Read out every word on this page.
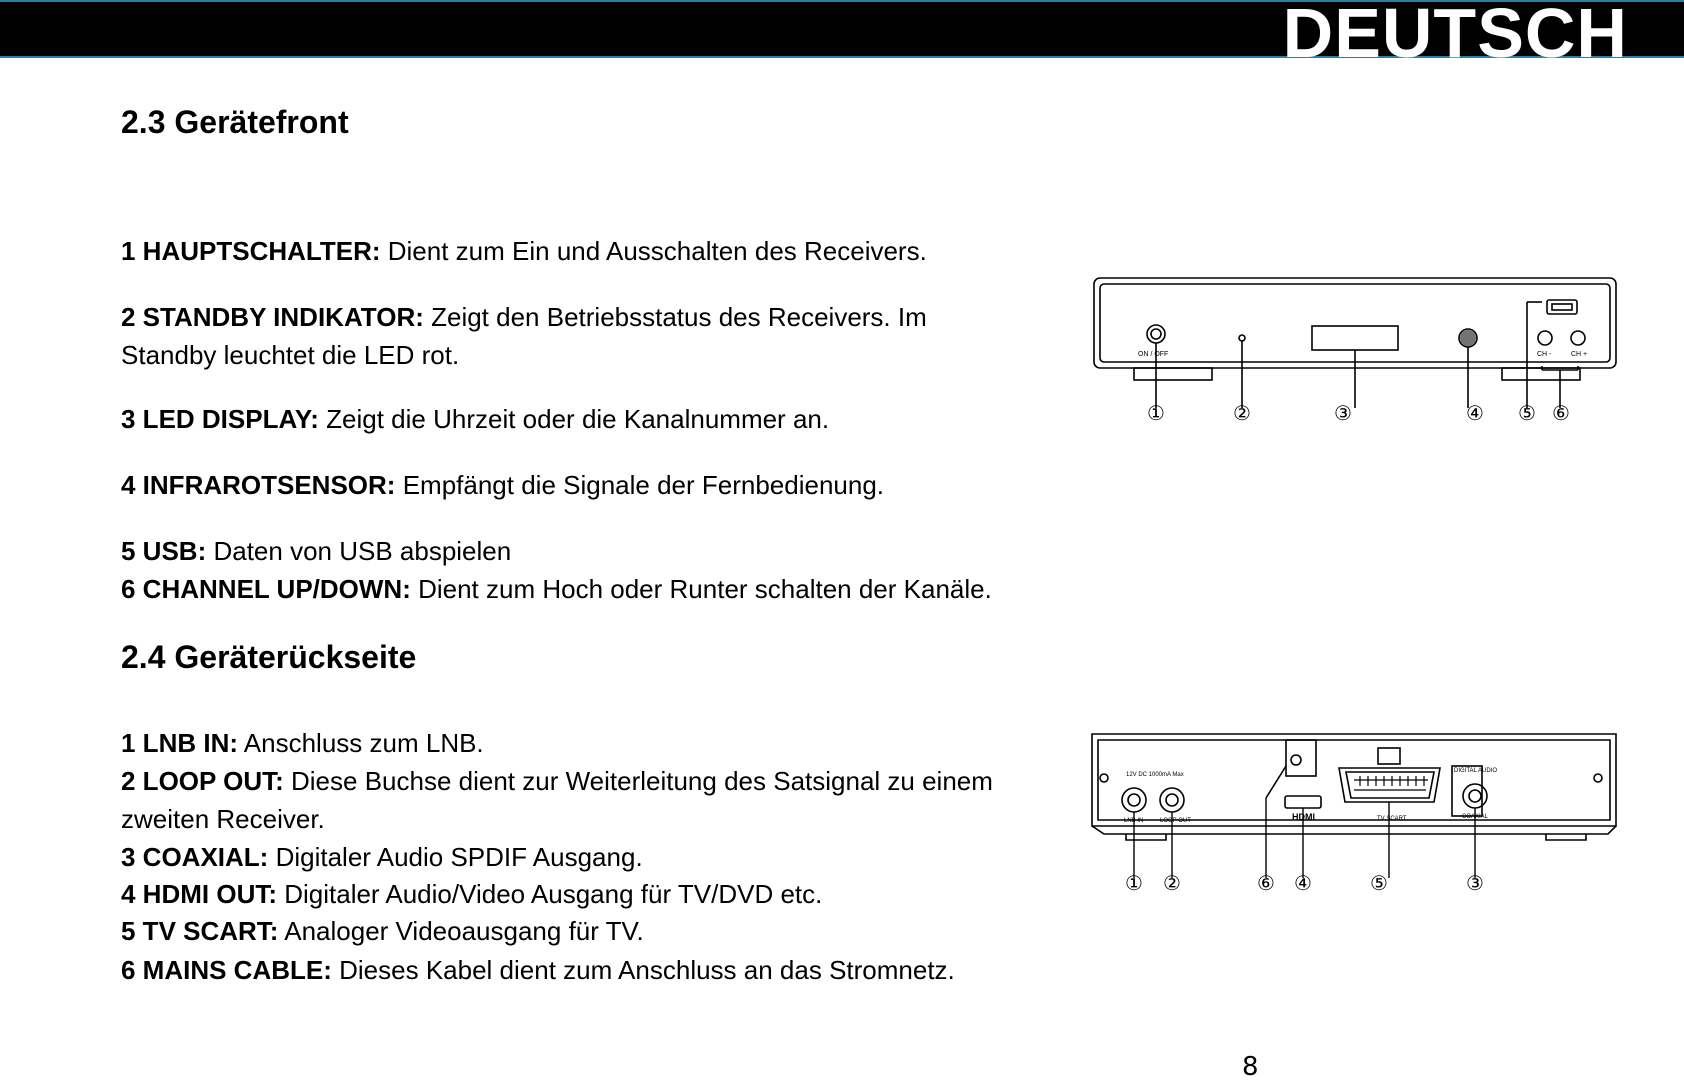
DEUTSCH
2.3 Gerätefront
1 HAUPTSCHALTER: Dient zum Ein und Ausschalten des Receivers.
2 STANDBY INDIKATOR: Zeigt den Betriebsstatus des Receivers. Im Standby leuchtet die LED rot.
3 LED DISPLAY: Zeigt die Uhrzeit oder die Kanalnummer an.
4 INFRAROTSENSOR: Empfängt die Signale der Fernbedienung.
5 USB: Daten von USB abspielen
6 CHANNEL UP/DOWN: Dient zum Hoch oder Runter schalten der Kanäle.
2.4 Geräterückseite
1 LNB IN: Anschluss zum LNB.
2 LOOP OUT: Diese Buchse dient zur Weiterleitung des Satsignal zu einem zweiten Receiver.
3 COAXIAL: Digitaler Audio SPDIF Ausgang.
4 HDMI OUT: Digitaler Audio/Video Ausgang für TV/DVD etc.
5 TV SCART: Analoger Videoausgang für TV.
6 MAINS CABLE: Dieses Kabel dient zum Anschluss an das Stromnetz.
ON / OFF	CH -	CH +
①	②	③	④ ⑤ ⑥
12V DC 1000mA Max
LNB IN	LOOP OUT	TV SCART
DIGITAL AUDIO
COAXIAL
HDMI
① ②	⑥ ④	⑤	③
8
